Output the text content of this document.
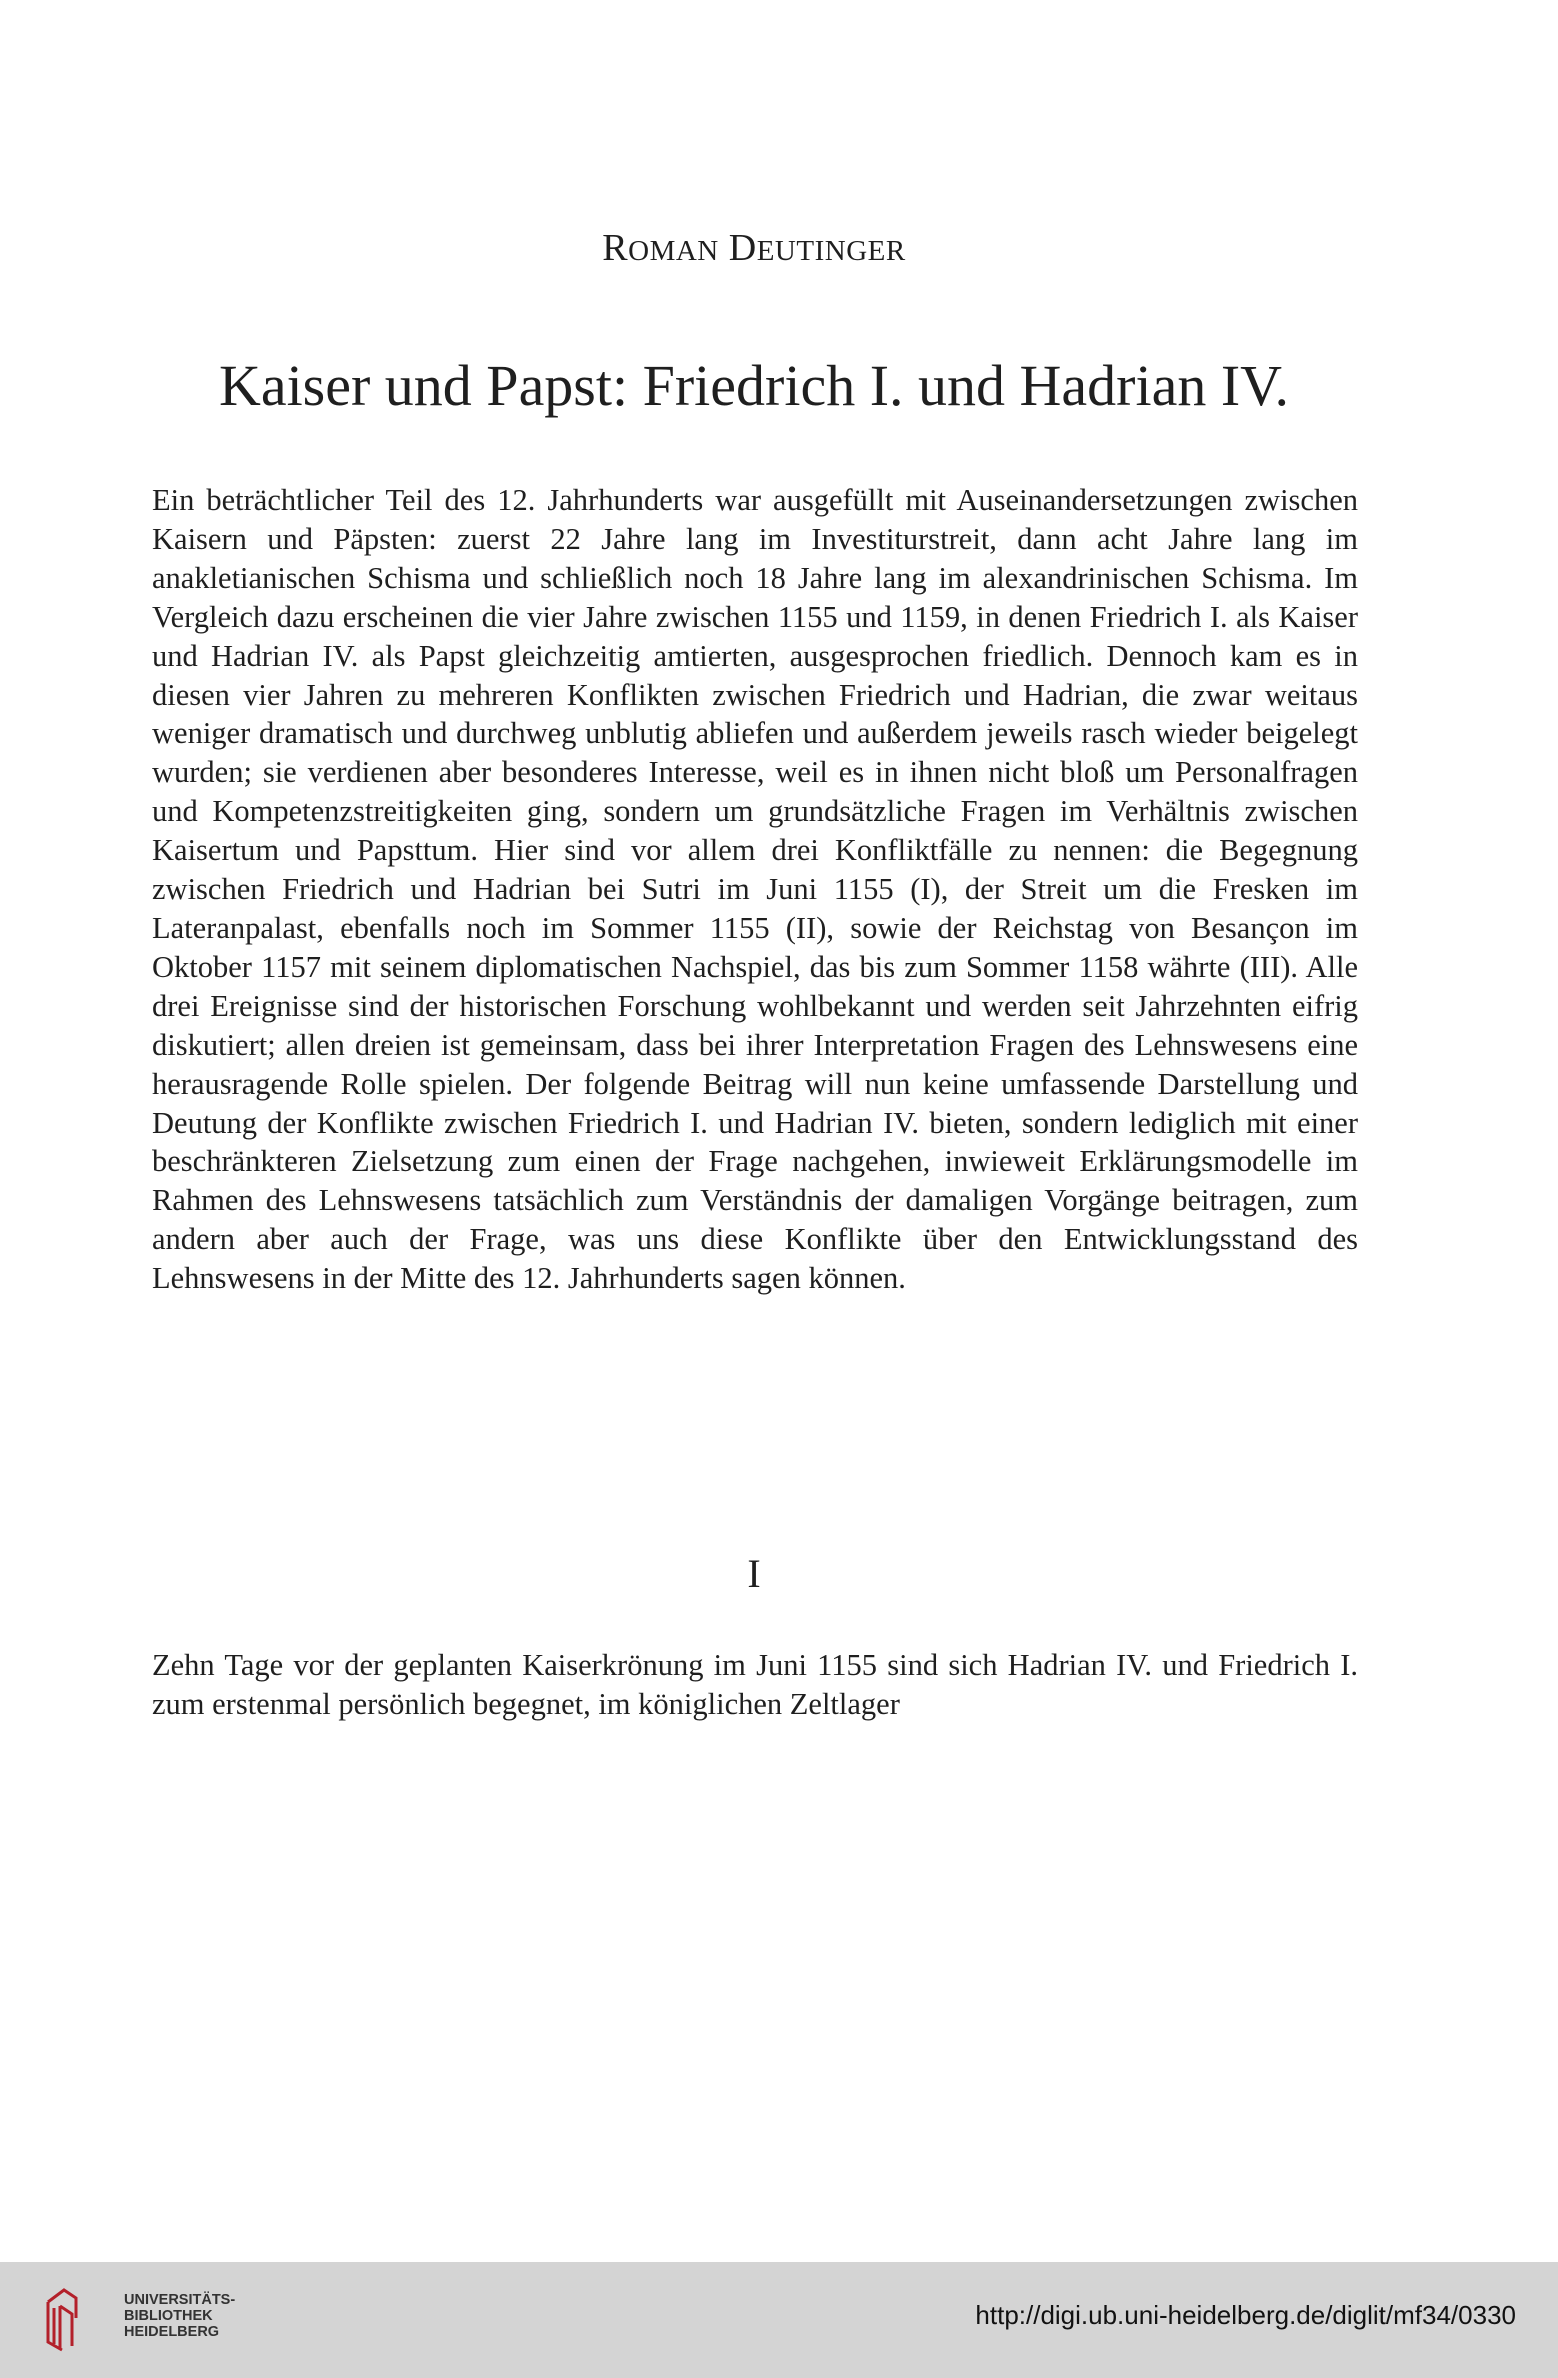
ROMAN DEUTINGER
Kaiser und Papst: Friedrich I. und Hadrian IV.

Ein beträchtlicher Teil des 12. Jahrhunderts war ausgefüllt mit Auseinandersetzungen zwischen Kaisern und Päpsten: zuerst 22 Jahre lang im Investiturstreit, dann acht Jahre lang im anakletianischen Schisma und schließlich noch 18 Jahre lang im alexandrinischen Schisma. Im Vergleich dazu erscheinen die vier Jahre zwischen 1155 und 1159, in denen Friedrich I. als Kaiser und Hadrian IV. als Papst gleichzeitig amtierten, ausgesprochen friedlich. Dennoch kam es in diesen vier Jahren zu mehreren Konflikten zwischen Friedrich und Hadrian, die zwar weitaus weniger dramatisch und durchweg unblutig abliefen und außerdem jeweils rasch wieder beigelegt wurden; sie verdienen aber besonderes Interesse, weil es in ihnen nicht bloß um Personalfragen und Kompetenzstreitigkeiten ging, sondern um grundsätzliche Fragen im Verhältnis zwischen Kaisertum und Papsttum. Hier sind vor allem drei Konfliktfälle zu nennen: die Begegnung zwischen Friedrich und Hadrian bei Sutri im Juni 1155 (I), der Streit um die Fresken im Lateranpalast, ebenfalls noch im Sommer 1155 (II), sowie der Reichstag von Besançon im Oktober 1157 mit seinem diplomatischen Nachspiel, das bis zum Sommer 1158 währte (III). Alle drei Ereignisse sind der historischen Forschung wohlbekannt und werden seit Jahrzehnten eifrig diskutiert; allen dreien ist gemeinsam, dass bei ihrer Interpretation Fragen des Lehnswesens eine herausragende Rolle spielen. Der folgende Beitrag will nun keine umfassende Darstellung und Deutung der Konflikte zwischen Friedrich I. und Hadrian IV. bieten, sondern lediglich mit einer beschränkteren Zielsetzung zum einen der Frage nachgehen, inwieweit Erklärungsmodelle im Rahmen des Lehnswesens tatsächlich zum Verständnis der damaligen Vorgänge beitragen, zum andern aber auch der Frage, was uns diese Konflikte über den Entwicklungsstand des Lehnswesens in der Mitte des 12. Jahrhunderts sagen können.

I

Zehn Tage vor der geplanten Kaiserkrönung im Juni 1155 sind sich Hadrian IV. und Friedrich I. zum erstenmal persönlich begegnet, im königlichen Zeltlager

UNIVERSITÄTS-
BIBLIOTHEK
HEIDELBERG
http://digi.ub.uni-heidelberg.de/diglit/mf34/0330
